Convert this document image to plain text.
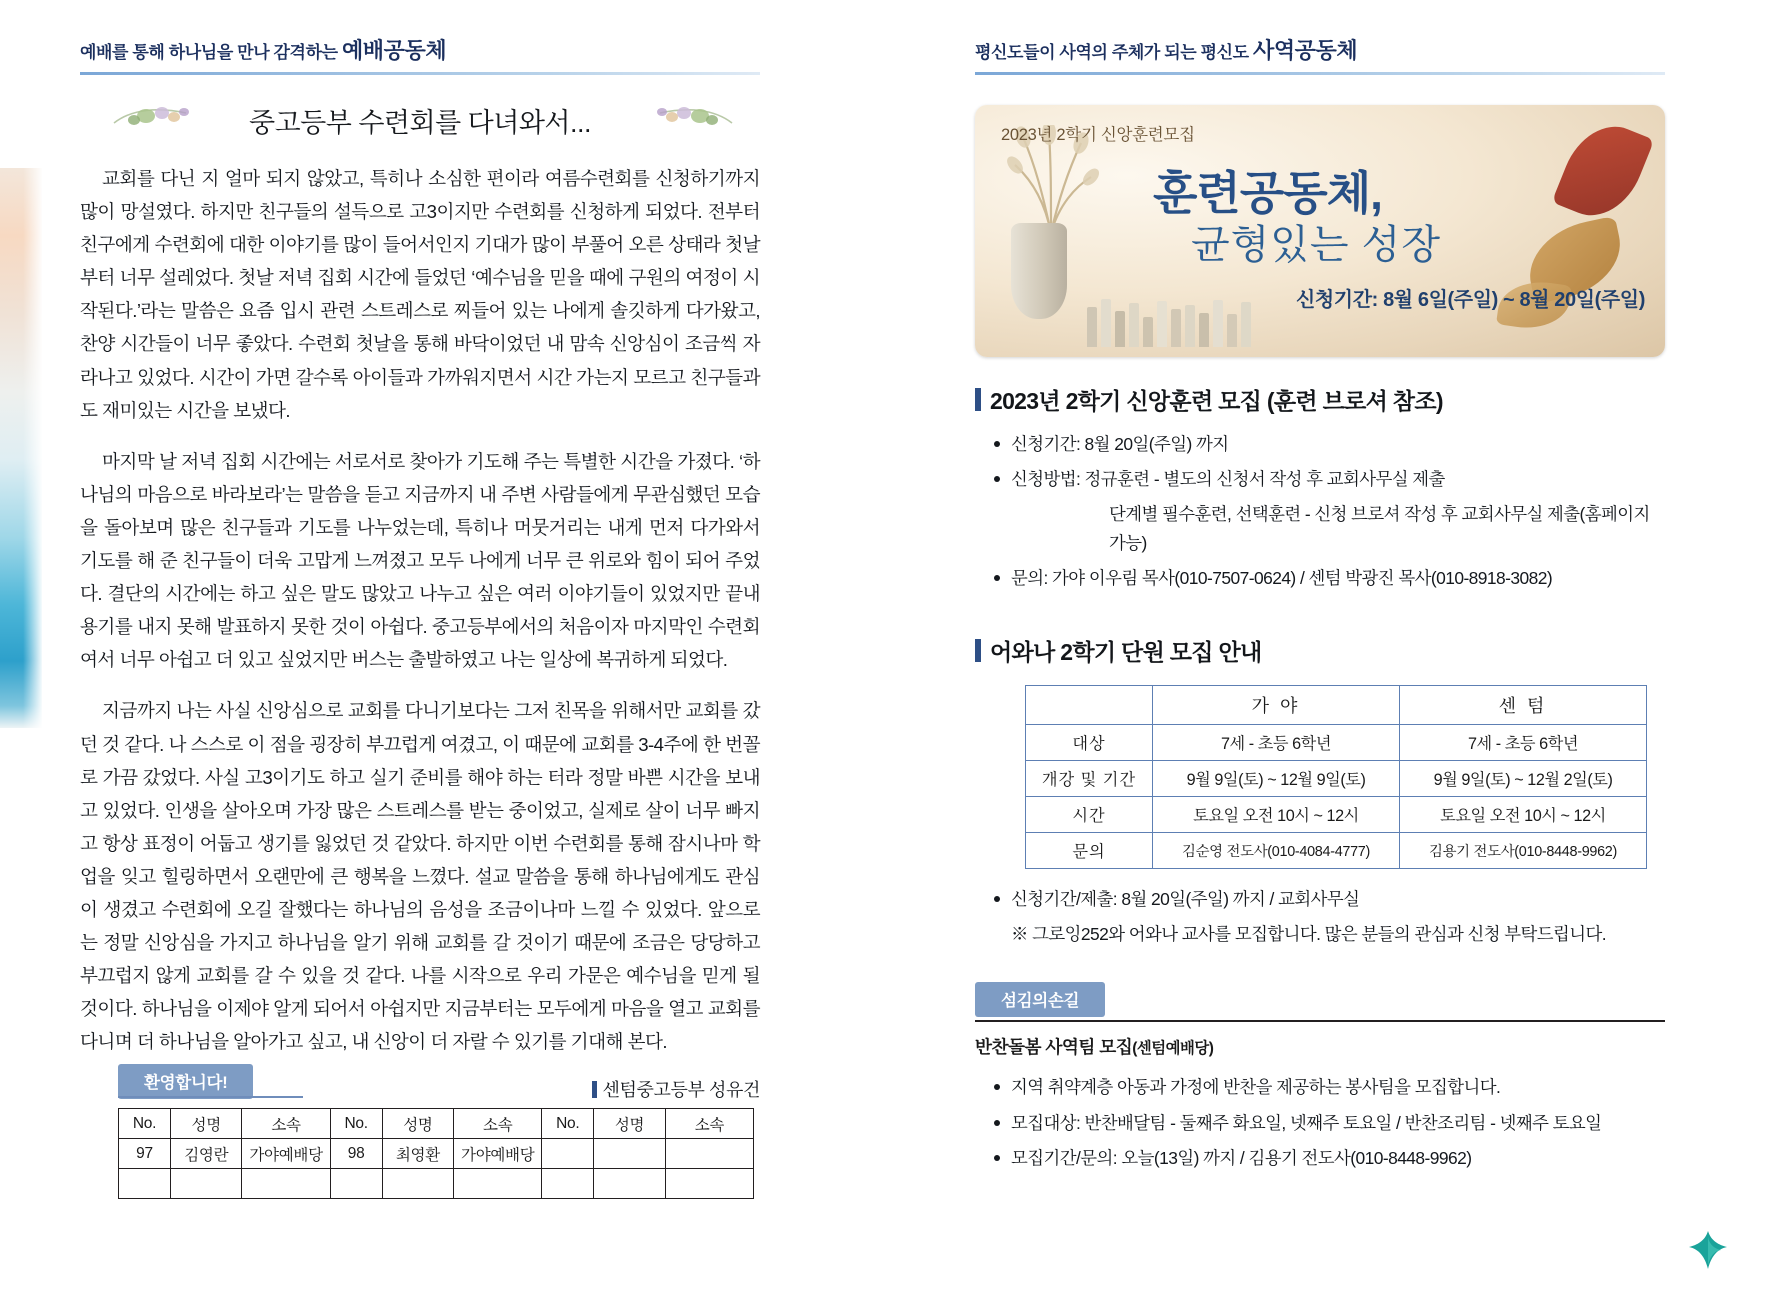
예배를 통해 하나님을 만나 감격하는 예배공동체
중고등부 수련회를 다녀와서...

교회를 다닌 지 얼마 되지 않았고, 특히나 소심한 편이라 여름수련회를 신청하기까지 많이 망설였다. 하지만 친구들의 설득으로 고3이지만 수련회를 신청하게 되었다. 전부터 친구에게 수련회에 대한 이야기를 많이 들어서인지 기대가 많이 부풀어 오른 상태라 첫날부터 너무 설레었다. 첫날 저녁 집회 시간에 들었던 ‘예수님을 믿을 때에 구원의 여정이 시작된다.’라는 말씀은 요즘 입시 관련 스트레스로 찌들어 있는 나에게 솔깃하게 다가왔고, 찬양 시간들이 너무 좋았다. 수련회 첫날을 통해 바닥이었던 내 맘속 신앙심이 조금씩 자라나고 있었다. 시간이 가면 갈수록 아이들과 가까워지면서 시간 가는지 모르고 친구들과도 재미있는 시간을 보냈다.

마지막 날 저녁 집회 시간에는 서로서로 찾아가 기도해 주는 특별한 시간을 가졌다. ‘하나님의 마음으로 바라보라’는 말씀을 듣고 지금까지 내 주변 사람들에게 무관심했던 모습을 돌아보며 많은 친구들과 기도를 나누었는데, 특히나 머뭇거리는 내게 먼저 다가와서 기도를 해 준 친구들이 더욱 고맙게 느껴졌고 모두 나에게 너무 큰 위로와 힘이 되어 주었다. 결단의 시간에는 하고 싶은 말도 많았고 나누고 싶은 여러 이야기들이 있었지만 끝내 용기를 내지 못해 발표하지 못한 것이 아쉽다. 중고등부에서의 처음이자 마지막인 수련회여서 너무 아쉽고 더 있고 싶었지만 버스는 출발하였고 나는 일상에 복귀하게 되었다.

지금까지 나는 사실 신앙심으로 교회를 다니기보다는 그저 친목을 위해서만 교회를 갔던 것 같다. 나 스스로 이 점을 굉장히 부끄럽게 여겼고, 이 때문에 교회를 3-4주에 한 번꼴로 가끔 갔었다. 사실 고3이기도 하고 실기 준비를 해야 하는 터라 정말 바쁜 시간을 보내고 있었다. 인생을 살아오며 가장 많은 스트레스를 받는 중이었고, 실제로 살이 너무 빠지고 항상 표정이 어둡고 생기를 잃었던 것 같았다. 하지만 이번 수련회를 통해 잠시나마 학업을 잊고 힐링하면서 오랜만에 큰 행복을 느꼈다. 설교 말씀을 통해 하나님에게도 관심이 생겼고 수련회에 오길 잘했다는 하나님의 음성을 조금이나마 느낄 수 있었다. 앞으로는 정말 신앙심을 가지고 하나님을 알기 위해 교회를 갈 것이기 때문에 조금은 당당하고 부끄럽지 않게 교회를 갈 수 있을 것 같다. 나를 시작으로 우리 가문은 예수님을 믿게 될 것이다. 하나님을 이제야 알게 되어서 아쉽지만 지금부터는 모두에게 마음을 열고 교회를 다니며 더 하나님을 알아가고 싶고, 내 신앙이 더 자랄 수 있기를 기대해 본다.

센텀중고등부 성유건
환영합니다!
No.	성명	소속	No.	성명	소속	No.	성명	소속
97	김영란	가야예배당	98	최영환	가야예배당			

평신도들이 사역의 주체가 되는 평신도 사역공동체
2023년 2학기 신앙훈련모집
훈련공동체,
균형있는 성장
신청기간: 8월 6일(주일) ~ 8월 20일(주일)
2023년 2학기 신앙훈련 모집 (훈련 브로셔 참조)
신청기간: 8월 20일(주일) 까지
신청방법: 정규훈련 - 별도의 신청서 작성 후 교회사무실 제출
단계별 필수훈련, 선택훈련 - 신청 브로셔 작성 후 교회사무실 제출(홈페이지 가능)
문의: 가야 이우림 목사(010-7507-0624) / 센텀 박광진 목사(010-8918-3082)
어와나 2학기 단원 모집 안내
	가 야	센 텀
대상	7세 - 초등 6학년	7세 - 초등 6학년
개강 및 기간	9월 9일(토) ~ 12월 9일(토)	9월 9일(토) ~ 12월 2일(토)
시간	토요일 오전 10시 ~ 12시	토요일 오전 10시 ~ 12시
문의	김순영 전도사(010-4084-4777)	김용기 전도사(010-8448-9962)
신청기간/제출: 8월 20일(주일) 까지 / 교회사무실
※ 그로잉252와 어와나 교사를 모집합니다. 많은 분들의 관심과 신청 부탁드립니다.
섬김의손길
반찬돌봄 사역팀 모집(센텀예배당)
지역 취약계층 아동과 가정에 반찬을 제공하는 봉사팀을 모집합니다.
모집대상: 반찬배달팀 - 둘째주 화요일, 넷째주 토요일 / 반찬조리팀 - 넷째주 토요일
모집기간/문의: 오늘(13일) 까지 / 김용기 전도사(010-8448-9962)
